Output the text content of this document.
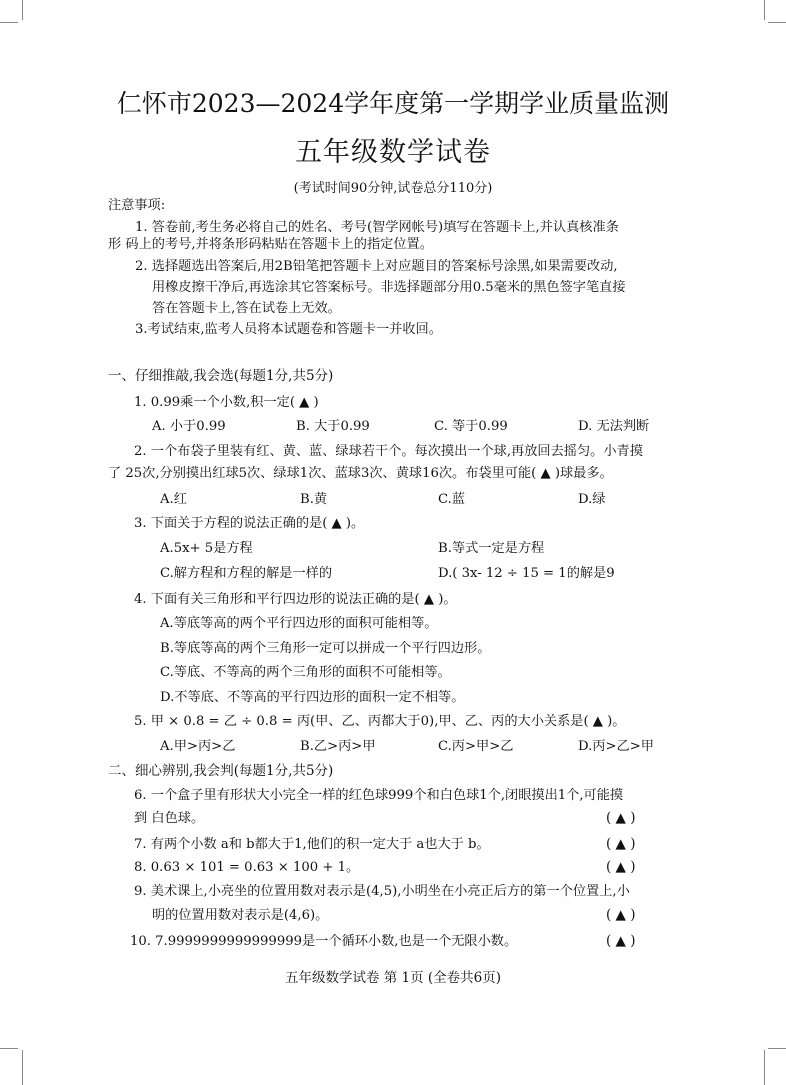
仁怀市2023—2024学年度第一学期学业质量监测
五年级数学试卷
(考试时间90分钟,试卷总分110分)
注意事项:
1. 答卷前,考生务必将自己的姓名、考号(智学网帐号)填写在答题卡上,并认真核准条
形 码上的考号,并将条形码粘贴在答题卡上的指定位置。
2. 选择题选出答案后,用2B铅笔把答题卡上对应题目的答案标号涂黑,如果需要改动,
用橡皮擦干净后,再选涂其它答案标号。非选择题部分用0.5毫米的黑色签字笔直接
答在答题卡上,答在试卷上无效。
3.考试结束,监考人员将本试题卷和答题卡一并收回。
一、仔细推敲,我会选(每题1分,共5分)
1. 0.99乘一个小数,积一定( ▲ )
A. 小于0.99	B. 大于0.99	C. 等于0.99	D. 无法判断
2. 一个布袋子里装有红、黄、蓝、绿球若干个。每次摸出一个球,再放回去摇匀。小青摸
了 25次,分别摸出红球5次、绿球1次、蓝球3次、黄球16次。布袋里可能( ▲ )球最多。
A.红	B.黄	C.蓝	D.绿
3. 下面关于方程的说法正确的是( ▲ )。
A.5x+ 5是方程	B.等式一定是方程
C.解方程和方程的解是一样的	D.( 3x- 12 ÷ 15 = 1的解是9
4. 下面有关三角形和平行四边形的说法正确的是( ▲ )。
A.等底等高的两个平行四边形的面积可能相等。
B.等底等高的两个三角形一定可以拼成一个平行四边形。
C.等底、不等高的两个三角形的面积不可能相等。
D.不等底、不等高的平行四边形的面积一定不相等。
5. 甲 × 0.8 = 乙 ÷ 0.8 = 丙(甲、乙、丙都大于0),甲、乙、丙的大小关系是( ▲ )。
A.甲>丙>乙	B.乙>丙>甲	C.丙>甲>乙	D.丙>乙>甲
二、细心辨别,我会判(每题1分,共5分)
6. 一个盒子里有形状大小完全一样的红色球999个和白色球1个,闭眼摸出1个,可能摸
到 白色球。	( ▲ )
7. 有两个小数 a和 b都大于1,他们的积一定大于 a也大于 b。	( ▲ )
8. 0.63 × 101 = 0.63 × 100 + 1。	( ▲ )
9. 美术课上,小亮坐的位置用数对表示是(4,5),小明坐在小亮正后方的第一个位置上,小
明的位置用数对表示是(4,6)。	( ▲ )
10. 7.9999999999999999是一个循环小数,也是一个无限小数。	( ▲ )
五年级数学试卷 第 1页 (全卷共6页)
